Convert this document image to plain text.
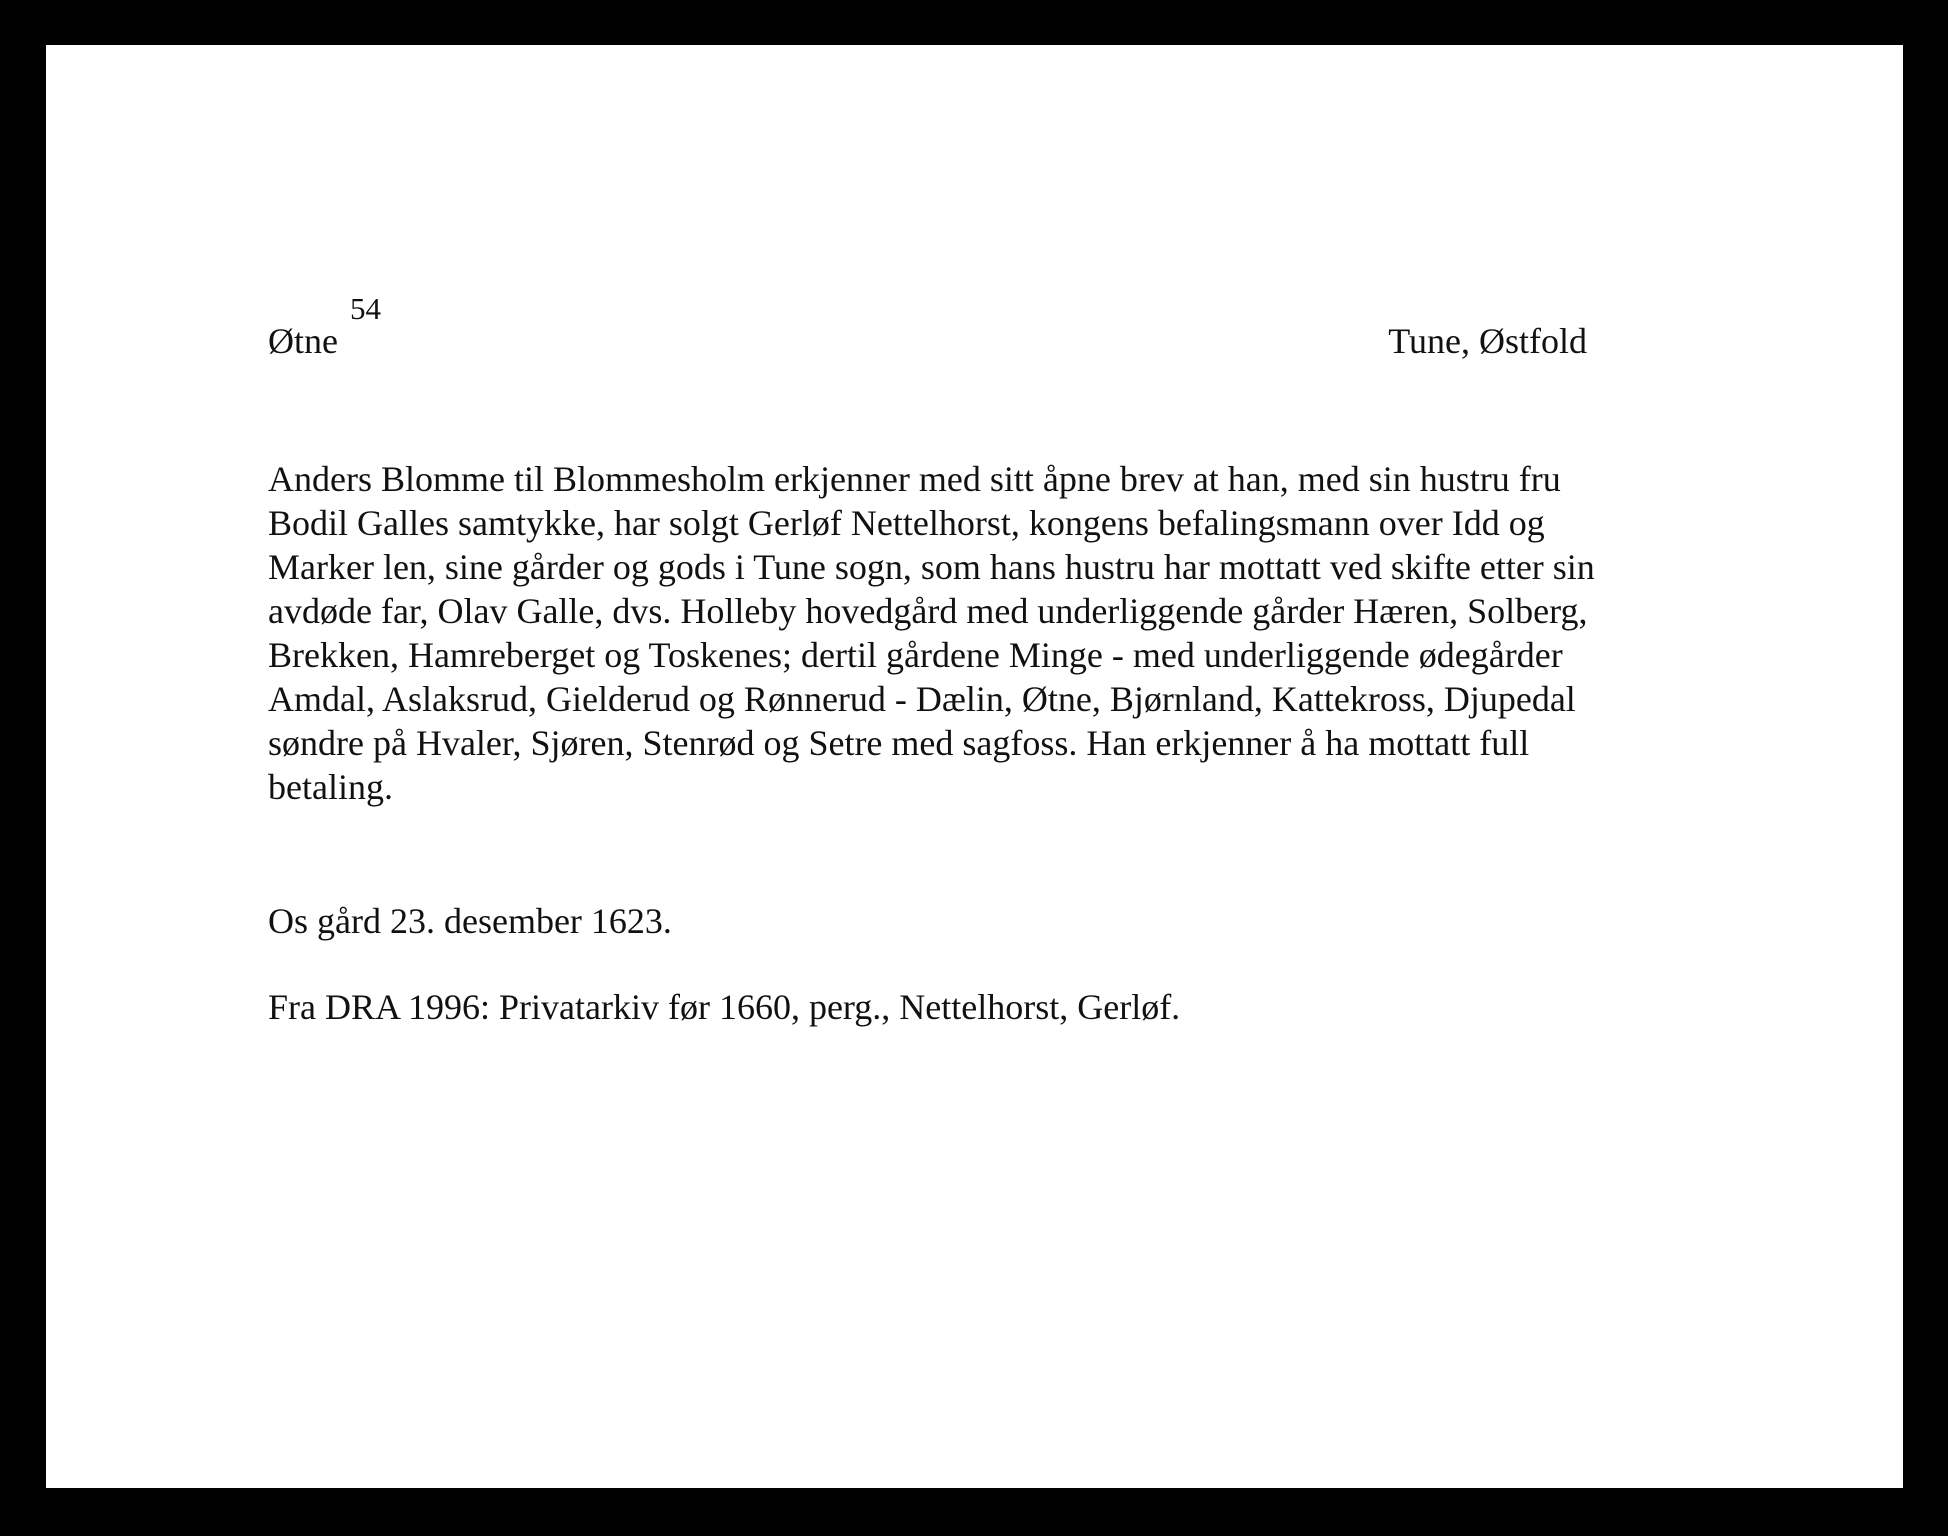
Øtne
54
Tune, Østfold
Anders Blomme til Blommesholm erkjenner med sitt åpne brev at han, med sin hustru fru
Bodil Galles samtykke, har solgt Gerløf Nettelhorst, kongens befalingsmann over Idd og
Marker len, sine gårder og gods i Tune sogn, som hans hustru har mottatt ved skifte etter sin
avdøde far, Olav Galle, dvs. Holleby hovedgård med underliggende gårder Hæren, Solberg,
Brekken, Hamreberget og Toskenes; dertil gårdene Minge - med underliggende ødegårder
Amdal, Aslaksrud, Gielderud og Rønnerud - Dælin, Øtne, Bjørnland, Kattekross, Djupedal
søndre på Hvaler, Sjøren, Stenrød og Setre med sagfoss. Han erkjenner å ha mottatt full
betaling.
Os gård 23. desember 1623.
Fra DRA 1996: Privatarkiv før 1660, perg., Nettelhorst, Gerløf.
